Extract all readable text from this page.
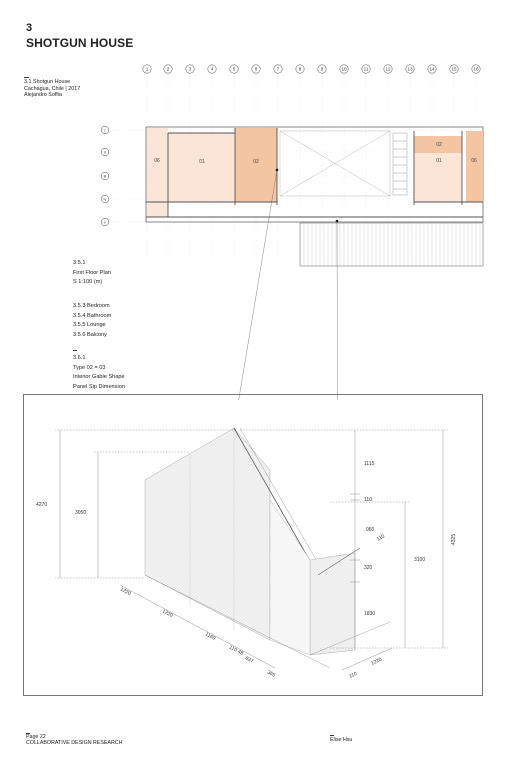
3
SHOTGUN HOUSE
3.1 Shotgun House
Cachagua, Chile | 2017
Alejandro Soffia
1	2	3	4	5	6	7	8	9	10	11	12	13	14	15	16
i
ii
iii
iv
v
06	01	02
02
01	06
3.5.1
First Floor Plan
S 1:100 (m)
3.5.3 Bedroom
3.5.4 Bathroom
3.5.5 Lounge
3.5.6 Balcony
3.6.1
Type 02 = 03
Interior Gable Shape
Panel Sip Dimension
4270
3050
1115
110
960
110
320
1830
3100
4325
1220
1220
1169
110 48
837
365	110
1220
Page 22
COLLABORATIVE DESIGN RESEARCH
Elise Hsu
